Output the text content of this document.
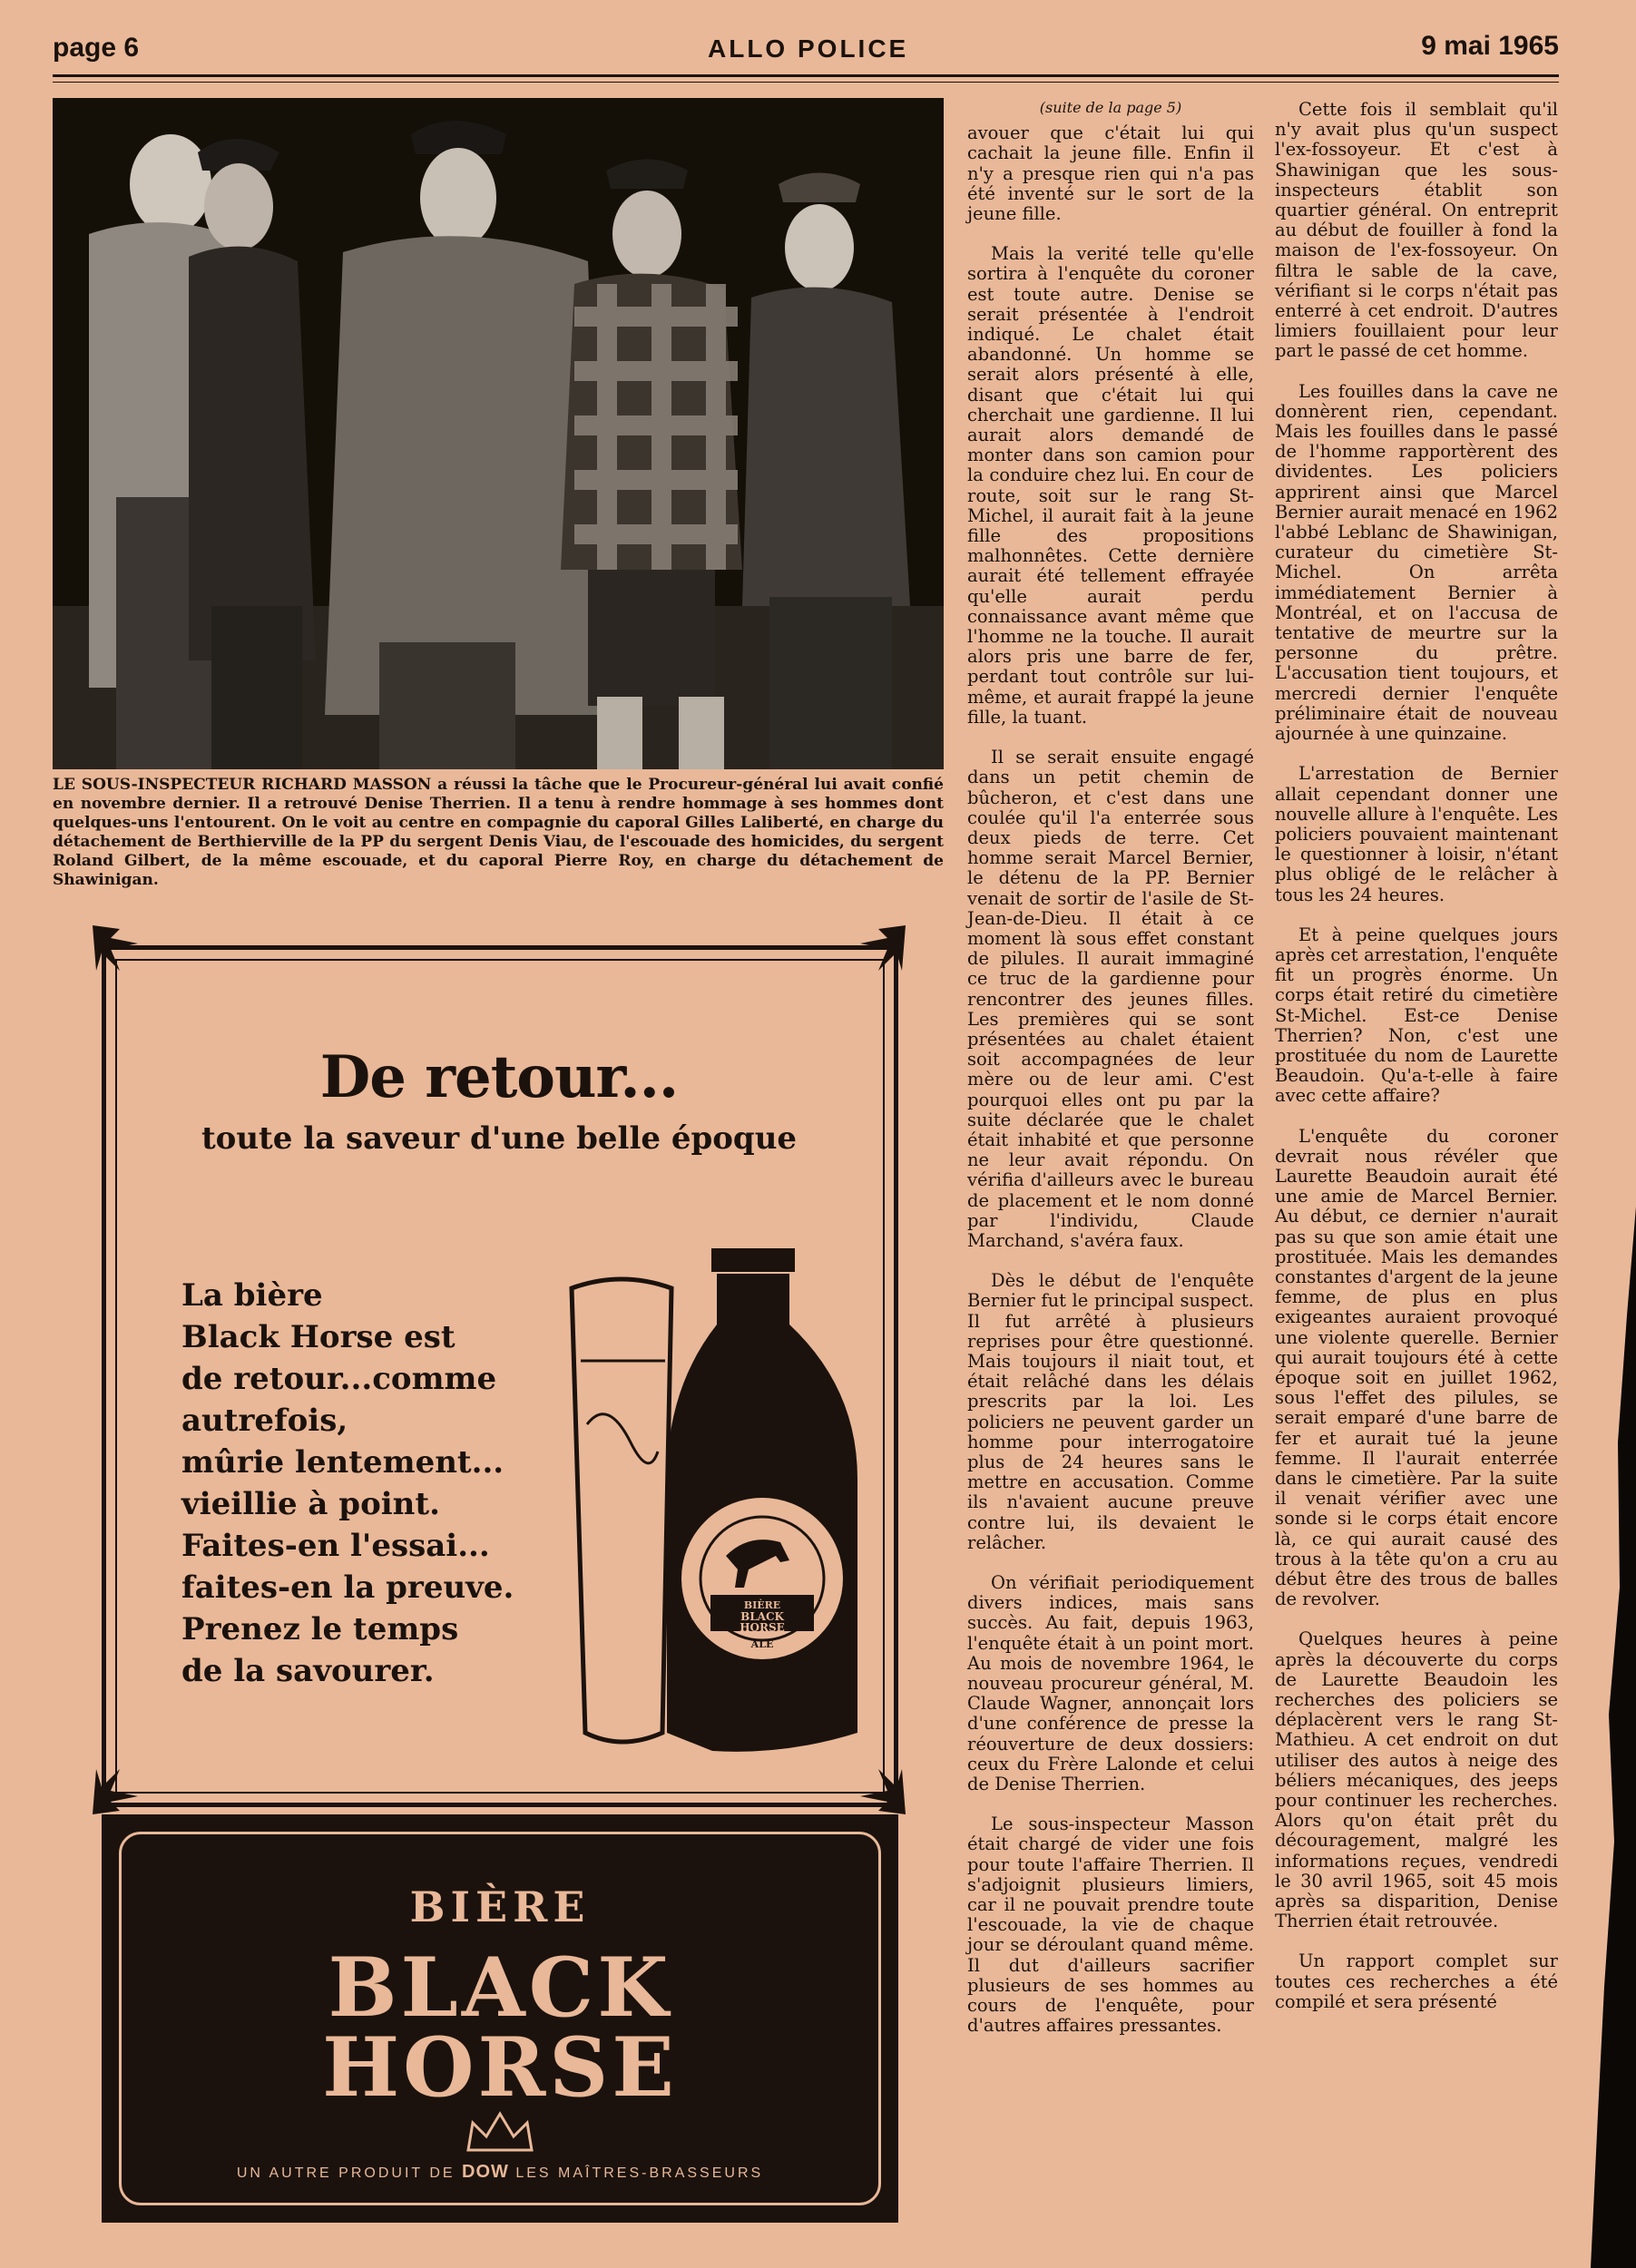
page 6	ALLO POLICE	9 mai 1965
LE SOUS-INSPECTEUR RICHARD MASSON a réussi la tâche que le Procureur-général lui avait confié en novembre dernier. Il a retrouvé Denise Therrien. Il a tenu à rendre hommage à ses hommes dont quelques-uns l'entourent. On le voit au centre en compagnie du caporal Gilles Laliberté, en charge du détachement de Berthierville de la PP du sergent Denis Viau, de l'escouade des homicides, du sergent Roland Gilbert, de la même escouade, et du caporal Pierre Roy, en charge du détachement de Shawinigan.
De retour...
toute la saveur d'une belle époque
La bière
Black Horse est
de retour...comme
autrefois,
mûrie lentement...
vieillie à point.
Faites-en l'essai...
faites-en la preuve.
Prenez le temps
de la savourer.
BIÈRE
BLACK
HORSE
ALE
BIÈRE
BLACK
HORSE
UN AUTRE PRODUIT DE DOW LES MAÎTRES-BRASSEURS
(suite de la page 5)

avouer que c'était lui qui cachait la jeune fille. Enfin il n'y a presque rien qui n'a pas été inventé sur le sort de la jeune fille.

Mais la verité telle qu'elle sortira à l'enquête du coroner est toute autre. Denise se serait présentée à l'endroit indiqué. Le chalet était abandonné. Un homme se serait alors présenté à elle, disant que c'était lui qui cherchait une gardienne. Il lui aurait alors demandé de monter dans son camion pour la conduire chez lui. En cour de route, soit sur le rang St-Michel, il aurait fait à la jeune fille des propositions malhonnêtes. Cette dernière aurait été tellement effrayée qu'elle aurait perdu connaissance avant même que l'homme ne la touche. Il aurait alors pris une barre de fer, perdant tout contrôle sur lui-même, et aurait frappé la jeune fille, la tuant.

Il se serait ensuite engagé dans un petit chemin de bûcheron, et c'est dans une coulée qu'il l'a enterrée sous deux pieds de terre. Cet homme serait Marcel Bernier, le détenu de la PP. Bernier venait de sortir de l'asile de St-Jean-de-Dieu. Il était à ce moment là sous effet constant de pilules. Il aurait immaginé ce truc de la gardienne pour rencontrer des jeunes filles. Les premières qui se sont présentées au chalet étaient soit accompagnées de leur mère ou de leur ami. C'est pourquoi elles ont pu par la suite déclarée que le chalet était inhabité et que personne ne leur avait répondu. On vérifia d'ailleurs avec le bureau de placement et le nom donné par l'individu, Claude Marchand, s'avéra faux.

Dès le début de l'enquête Bernier fut le principal suspect. Il fut arrêté à plusieurs reprises pour être questionné. Mais toujours il niait tout, et était relâché dans les délais prescrits par la loi. Les policiers ne peuvent garder un homme pour interrogatoire plus de 24 heures sans le mettre en accusation. Comme ils n'avaient aucune preuve contre lui, ils devaient le relâcher.

On vérifiait periodiquement divers indices, mais sans succès. Au fait, depuis 1963, l'enquête était à un point mort. Au mois de novembre 1964, le nouveau procureur général, M. Claude Wagner, annonçait lors d'une conférence de presse la réouverture de deux dossiers: ceux du Frère Lalonde et celui de Denise Therrien.

Le sous-inspecteur Masson était chargé de vider une fois pour toute l'affaire Therrien. Il s'adjoignit plusieurs limiers, car il ne pouvait prendre toute l'escouade, la vie de chaque jour se déroulant quand même. Il dut d'ailleurs sacrifier plusieurs de ses hommes au cours de l'enquête, pour d'autres affaires pressantes.

Cette fois il semblait qu'il n'y avait plus qu'un suspect l'ex-fossoyeur. Et c'est à Shawinigan que les sous-inspecteurs établit son quartier général. On entreprit au début de fouiller à fond la maison de l'ex-fossoyeur. On filtra le sable de la cave, vérifiant si le corps n'était pas enterré à cet endroit. D'autres limiers fouillaient pour leur part le passé de cet homme.

Les fouilles dans la cave ne donnèrent rien, cependant. Mais les fouilles dans le passé de l'homme rapportèrent des dividentes. Les policiers apprirent ainsi que Marcel Bernier aurait menacé en 1962 l'abbé Leblanc de Shawinigan, curateur du cimetière St-Michel. On arrêta immédiatement Bernier à Montréal, et on l'accusa de tentative de meurtre sur la personne du prêtre. L'accusation tient toujours, et mercredi dernier l'enquête préliminaire était de nouveau ajournée à une quinzaine.

L'arrestation de Bernier allait cependant donner une nouvelle allure à l'enquête. Les policiers pouvaient maintenant le questionner à loisir, n'étant plus obligé de le relâcher à tous les 24 heures.

Et à peine quelques jours après cet arrestation, l'enquête fit un progrès énorme. Un corps était retiré du cimetière St-Michel. Est-ce Denise Therrien? Non, c'est une prostituée du nom de Laurette Beaudoin. Qu'a-t-elle à faire avec cette affaire?

L'enquête du coroner devrait nous révéler que Laurette Beaudoin aurait été une amie de Marcel Bernier. Au début, ce dernier n'aurait pas su que son amie était une prostituée. Mais les demandes constantes d'argent de la jeune femme, de plus en plus exigeantes auraient provoqué une violente querelle. Bernier qui aurait toujours été à cette époque soit en juillet 1962, sous l'effet des pilules, se serait emparé d'une barre de fer et aurait tué la jeune femme. Il l'aurait enterrée dans le cimetière. Par la suite il venait vérifier avec une sonde si le corps était encore là, ce qui aurait causé des trous à la tête qu'on a cru au début être des trous de balles de revolver.

Quelques heures à peine après la découverte du corps de Laurette Beaudoin les recherches des policiers se déplacèrent vers le rang St-Mathieu. A cet endroit on dut utiliser des autos à neige des béliers mécaniques, des jeeps pour continuer les recherches. Alors qu'on était prêt du découragement, malgré les informations reçues, vendredi le 30 avril 1965, soit 45 mois après sa disparition, Denise Therrien était retrouvée.

Un rapport complet sur toutes ces recherches a été compilé et sera présenté
